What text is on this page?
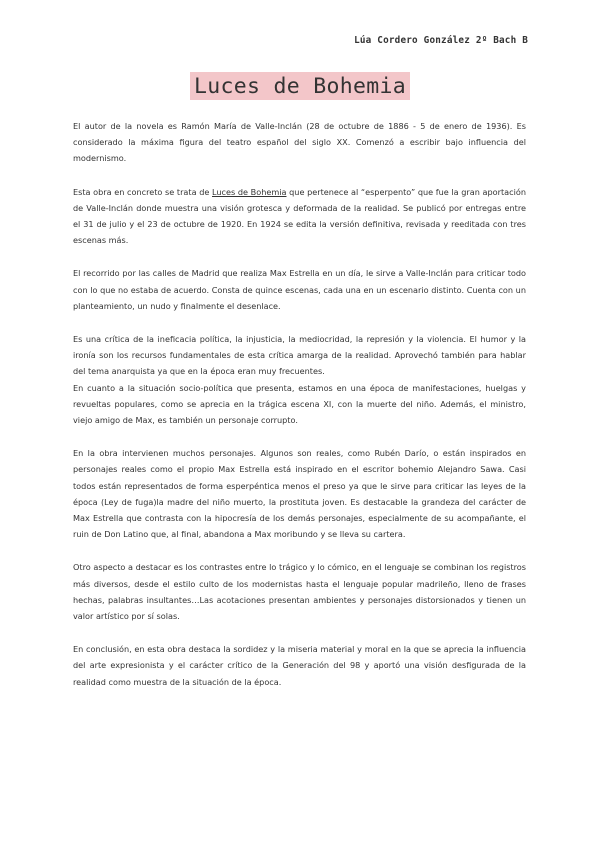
Lúa Cordero González 2º Bach B
Luces de Bohemia

El autor de la novela es Ramón María de Valle-Inclán (28 de octubre de 1886 - 5 de enero de 1936). Es considerado la máxima figura del teatro español del siglo XX. Comenzó a escribir bajo influencia del modernismo.

Esta obra en concreto se trata de Luces de Bohemia que pertenece al “esperpento” que fue la gran aportación de Valle-Inclán donde muestra una visión grotesca y deformada de la realidad. Se publicó por entregas entre el 31 de julio y el 23 de octubre de 1920. En 1924 se edita la versión definitiva, revisada y reeditada con tres escenas más.

El recorrido por las calles de Madrid que realiza Max Estrella en un día, le sirve a Valle-Inclán para criticar todo con lo que no estaba de acuerdo. Consta de quince escenas, cada una en un escenario distinto. Cuenta con un planteamiento, un nudo y finalmente el desenlace.

Es una crítica de la ineficacia política, la injusticia, la mediocridad, la represión y la violencia. El humor y la ironía son los recursos fundamentales de esta crítica amarga de la realidad. Aprovechó también para hablar del tema anarquista ya que en la época eran muy frecuentes.

En cuanto a la situación socio-política que presenta, estamos en una época de manifestaciones, huelgas y revueltas populares, como se aprecia en la trágica escena XI, con la muerte del niño. Además, el ministro, viejo amigo de Max, es también un personaje corrupto.

En la obra intervienen muchos personajes. Algunos son reales, como Rubén Darío, o están inspirados en personajes reales como el propio Max Estrella está inspirado en el escritor bohemio Alejandro Sawa. Casi todos están representados de forma esperpéntica menos el preso ya que le sirve para criticar las leyes de la época (Ley de fuga)la madre del niño muerto, la prostituta joven. Es destacable la grandeza del carácter de Max Estrella que contrasta con la hipocresía de los demás personajes, especialmente de su acompañante, el ruin de Don Latino que, al final, abandona a Max moribundo y se lleva su cartera.

Otro aspecto a destacar es los contrastes entre lo trágico y lo cómico, en el lenguaje se combinan los registros más diversos, desde el estilo culto de los modernistas hasta el lenguaje popular madrileño, lleno de frases hechas, palabras insultantes…Las acotaciones presentan ambientes y personajes distorsionados y tienen un valor artístico por sí solas.

En conclusión, en esta obra destaca la sordidez y la miseria material y moral en la que se aprecia la influencia del arte expresionista y el carácter crítico de la Generación del 98 y aportó una visión desfigurada de la realidad como muestra de la situación de la época.
